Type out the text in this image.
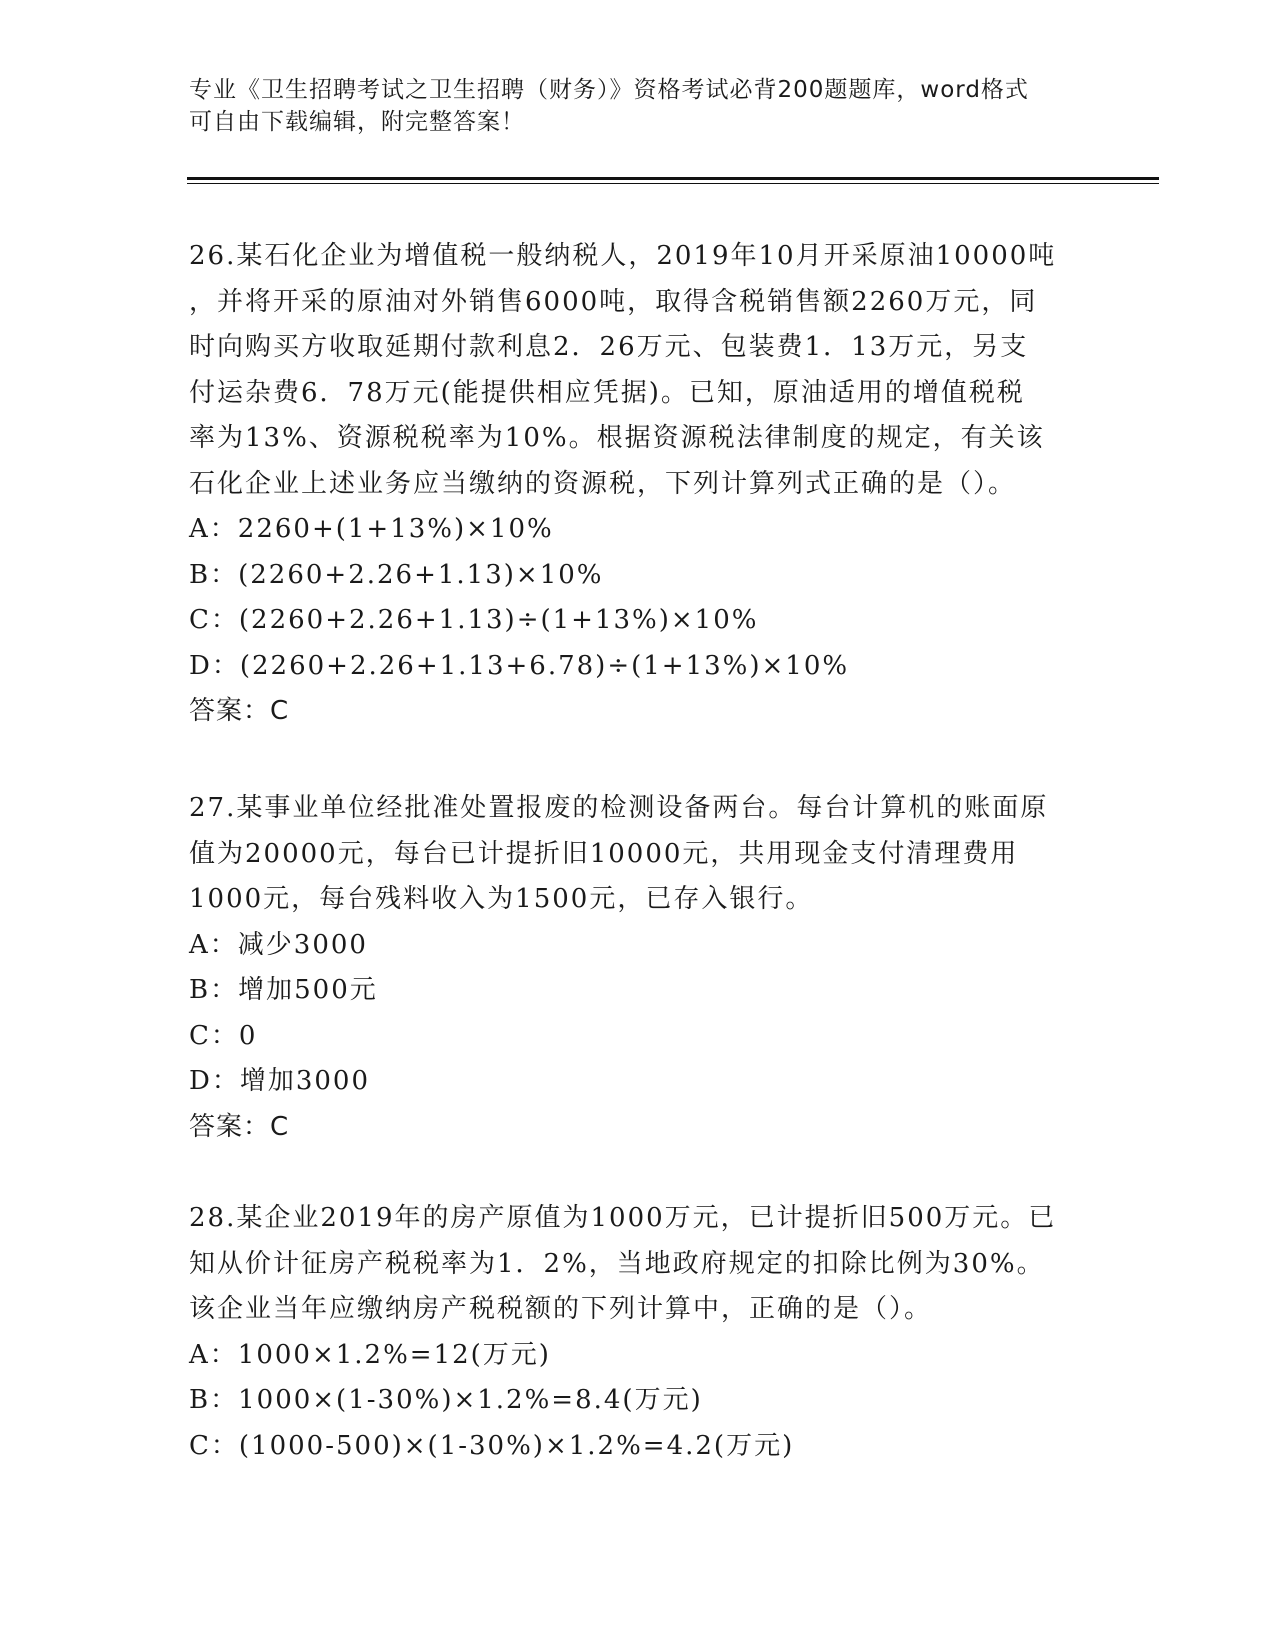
专业《卫生招聘考试之卫生招聘（财务）》资格考试必背200题题库，word格式
可自由下载编辑，附完整答案！
26.某石化企业为增值税一般纳税人，2019年10月开采原油10000吨
，并将开采的原油对外销售6000吨，取得含税销售额2260万元，同
时向购买方收取延期付款利息2．26万元、包装费1．13万元，另支
付运杂费6．78万元(能提供相应凭据)。已知，原油适用的增值税税
率为13%、资源税税率为10%。根据资源税法律制度的规定，有关该
石化企业上述业务应当缴纳的资源税，下列计算列式正确的是（）。
A：2260+(1+13%)×10%
B：(2260+2.26+1.13)×10%
C：(2260+2.26+1.13)÷(1+13%)×10%
D：(2260+2.26+1.13+6.78)÷(1+13%)×10%
答案：C
27.某事业单位经批准处置报废的检测设备两台。每台计算机的账面原
值为20000元，每台已计提折旧10000元，共用现金支付清理费用
1000元，每台残料收入为1500元，已存入银行。
A：减少3000
B：增加500元
C：0
D：增加3000
答案：C
28.某企业2019年的房产原值为1000万元，已计提折旧500万元。已
知从价计征房产税税率为1．2%，当地政府规定的扣除比例为30%。
该企业当年应缴纳房产税税额的下列计算中，正确的是（）。
A：1000×1.2%=12(万元)
B：1000×(1-30%)×1.2%=8.4(万元)
C：(1000-500)×(1-30%)×1.2%=4.2(万元)
